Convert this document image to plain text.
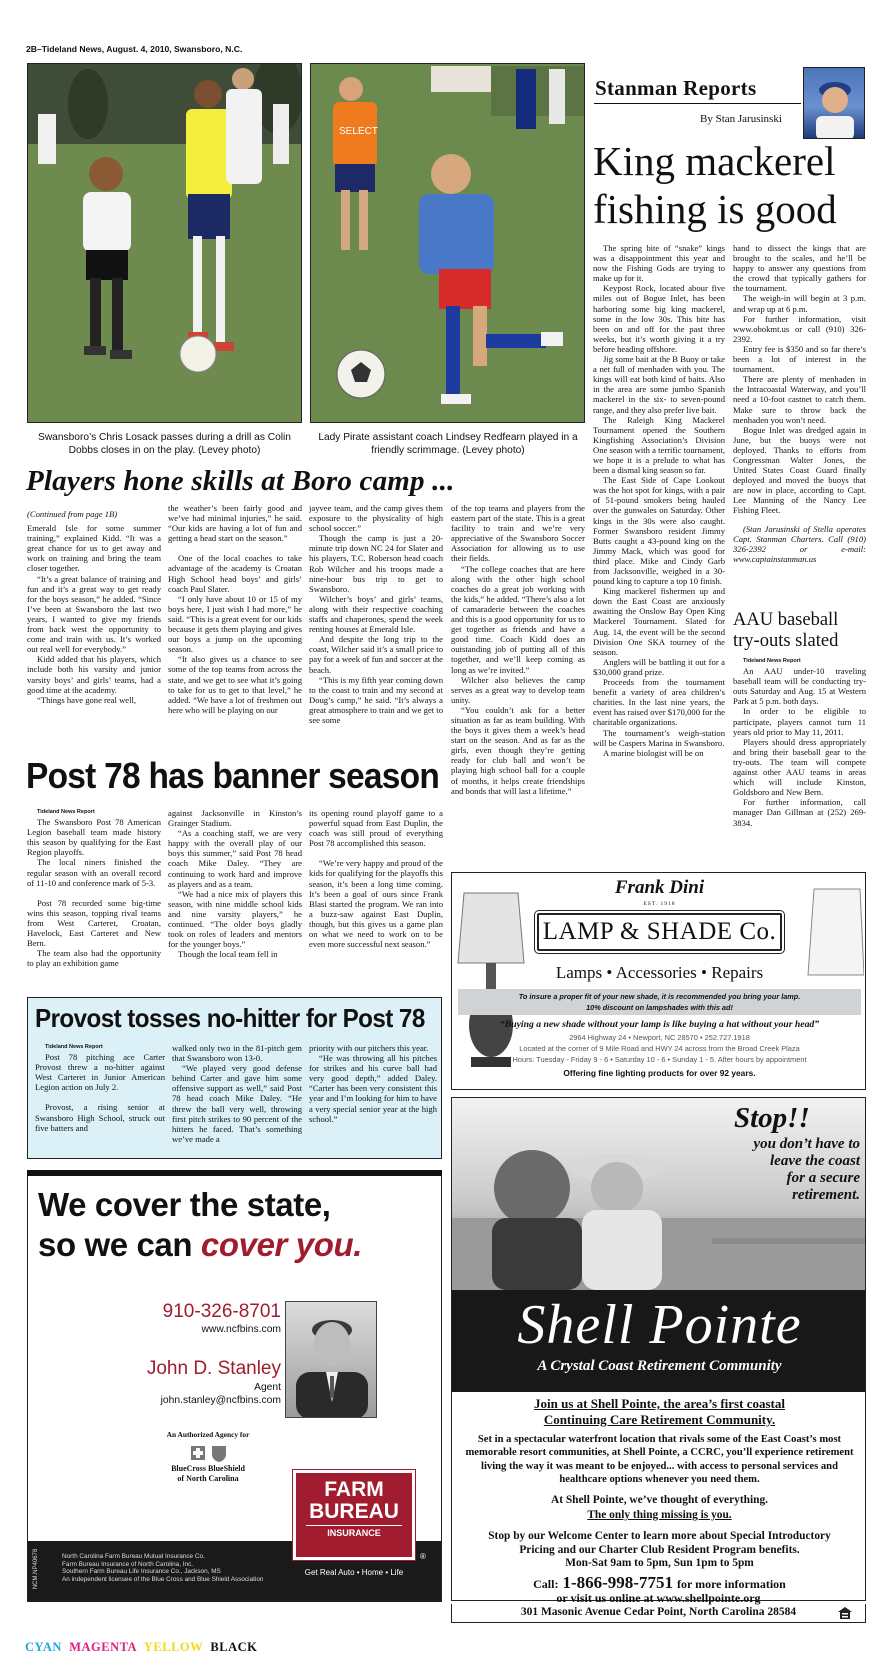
2B–Tideland News, August. 4, 2010, Swansboro, N.C.
SELECT
Swansboro’s Chris Losack passes during a drill as Colin Dobbs closes in on the play. (Levey photo)
Lady Pirate assistant coach Lindsey Redfearn played in a friendly scrimmage. (Levey photo)
Players hone skills at Boro camp ...

(Continued from page 1B)

Emerald Isle for some summer training,” explained Kidd. “It was a great chance for us to get away and work on training and bring the team closer together.

“It’s a great balance of training and fun and it’s a great way to get ready for the boys season,” he added. “Since I’ve been at Swansboro the last two years, I wanted to give my friends from back west the opportunity to come and train with us. It’s worked out real well for everybody.”

Kidd added that his players, which include both his varsity and junior varsity boys’ and girls’ teams, had a good time at the academy.

“Things have gone real well,

the weather’s been fairly good and we’ve had minimal injuries,” he said. “Our kids are having a lot of fun and getting a head start on the season.”

One of the local coaches to take advantage of the academy is Croatan High School head boys’ and girls’ coach Paul Slater.

“I only have about 10 or 15 of my boys here, I just wish I had more,” he said. “This is a great event for our kids because it gets them playing and gives our boys a jump on the upcoming season.

“It also gives us a chance to see some of the top teams from across the state, and we get to see what it’s going to take for us to get to that level,” he added. “We have a lot of freshmen out here who will be playing on our

jayvee team, and the camp gives them exposure to the physicality of high school soccer.”

Though the camp is just a 20-minute trip down NC 24 for Slater and his players, T.C. Roberson head coach Rob Wilcher and his troops made a nine-hour bus trip to get to Swansboro.

Wilcher’s boys’ and girls’ teams, along with their respective coaching staffs and chaperones, spend the week renting houses at Emerald Isle.

And despite the long trip to the coast, Wilcher said it’s a small price to pay for a week of fun and soccer at the beach.

“This is my fifth year coming down to the coast to train and my second at Doug’s camp,” he said. “It’s always a great atmosphere to train and we get to see some

of the top teams and players from the eastern part of the state. This is a great facility to train and we’re very appreciative of the Swansboro Soccer Association for allowing us to use their fields.

“The college coaches that are here along with the other high school coaches do a great job working with the kids,” he added. “There’s also a lot of camaraderie between the coaches and this is a good opportunity for us to get together as friends and have a good time. Coach Kidd does an outstanding job of putting all of this together, and we’ll keep coming as long as we’re invited.”

Wilcher also believes the camp serves as a great way to develop team unity.

“You couldn’t ask for a better situation as far as team building. With the boys it gives them a week’s head start on the season. And as far as the girls, even though they’re getting ready for club ball and won’t be playing high school ball for a couple of months, it helps create friendships and bonds that will last a lifetime.”

Stanman Reports
By Stan Jarusinski
King mackerel
fishing is good

The spring bite of “snake” kings was a disappointment this year and now the Fishing Gods are trying to make up for it.

Keypost Rock, located abour five miles out of Bogue Inlet, has been harboring some big king mackerel, some in the low 30s. This bite has been on and off for the past three weeks, but it’s worth giving it a try before heading offshore.

Jig some bait at the B Buoy or take a net full of menhaden with you. The kings will eat both kind of baits. Also in the area are some jumbo Spanish mackerel in the six- to seven-pound range, and they also prefer live bait.

The Raleigh King Mackerel Tournament opened the Southern Kingfishing Association’s Division One season with a terrific tournament, we hope it is a prelude to what has been a dismal king season so far.

The East Side of Cape Lookout was the hot spot for kings, with a pair of 51-pound smokers being hauled over the gunwales on Saturday. Other kings in the 30s were also caught. Former Swansboro resident Jimmy Butts caught a 43-pound king on the Jimmy Mack, which was good for third place. Mike and Cindy Garb from Jacksonville, weighed in a 30-pound king to capture a top 10 finish.

King mackerel fishermen up and down the East Coast are anxiously awaiting the Onslow Bay Open King Mackerel Tournament. Slated for Aug. 14, the event will be the second Division One SKA tourney of the season.

Anglers will be battling it out for a $30,000 grand prize.

Proceeds from the tournament benefit a variety of area children’s charities. In the last nine years, the event has raised over $170,000 for the charitable organizations.

The tournament’s weigh-station will be Caspers Marina in Swansboro.

A marine biologist will be on

hand to dissect the kings that are brought to the scales, and he’ll be happy to answer any questions from the crowd that typically gathers for the tournament.

The weigh-in will begin at 3 p.m. and wrap up at 6 p.m.

For further information, visit www.obokmt.us or call (910) 326-2392.

Entry fee is $350 and so far there’s been a lot of interest in the tournament.

There are plenty of menhaden in the Intracoastal Waterway, and you’ll need a 10-foot castnet to catch them. Make sure to throw back the menhaden you won’t need.

Bogue Inlet was dredged again in June, but the buoys were not deployed. Thanks to efforts from Congressman Walter Jones, the United States Coast Guard finally deployed and moved the buoys that are now in place, according to Capt. Lee Manning of the Nancy Lee Fishing Fleet.

(Stan Jarusinski of Stella operates Capt. Stanman Charters. Call (910) 326-2392 or e-mail: www.captainstanman.us

AAU baseball try-outs slated

Tideland News Report

An AAU under-10 traveling baseball team will be conducting try-outs Saturday and Aug. 15 at Western Park at 5 p.m. both days.

In order to be eligible to participate, players cannot turn 11 years old prior to May 11, 2011.

Players should dress appropriately and bring their baseball gear to the try-outs. The team will compete against other AAU teams in areas which will include Kinston, Goldsboro and New Bern.

For further information, call manager Dan Gillman at (252) 269-3834.

Post 78 has banner season

Tideland News Report

The Swansboro Post 78 American Legion baseball team made history this season by qualifying for the East Region playoffs.

The local niners finished the regular season with an overall record of 11-10 and conference mark of 5-3.

Post 78 recorded some big-time wins this season, topping rival teams from West Carteret, Croatan, Havelock, East Carteret and New Bern.

The team also had the opportunity to play an exhibition game

against Jacksonville in Kinston’s Grainger Stadium.

“As a coaching staff, we are very happy with the overall play of our boys this summer,” said Post 78 head coach Mike Daley. “They are continuing to work hard and improve as players and as a team.

“We had a nice mix of players this season, with nine middle school kids and nine varsity players,” he continued. “The older boys gladly took on roles of leaders and mentors for the younger boys.”

Though the local team fell in

its opening round playoff game to a powerful squad from East Duplin, the coach was still proud of everything Post 78 accomplished this season.

“We’re very happy and proud of the kids for qualifying for the playoffs this season, it’s been a long time coming. It’s been a goal of ours since Frank Blasi started the program. We ran into a buzz-saw against East Duplin, though, but this gives us a game plan on what we need to work on to be even more successful next season.”

Provost tosses no-hitter for Post 78

Tideland News Report

Post 78 pitching ace Carter Provost threw a no-hitter against West Carteret in Junior American Legion action on July 2.

Provost, a rising senior at Swansboro High School, struck out five batters and

walked only two in the 81-pitch gem that Swansboro won 13-0.

“We played very good defense behind Carter and gave him some offensive support as well,” said Post 78 head coach Mike Daley. “He threw the ball very well, throwing first pitch strikes to 90 percent of the hitters he faced. That’s something we’ve made a

priority with our pitchers this year.

“He was throwing all his pitches for strikes and his curve ball had very good depth,” added Daley. “Carter has been very consistent this year and I’m looking for him to have a very special senior year at the high school.”

Frank Dini
EST. 1918
LAMP & SHADE Co.
Lamps • Accessories • Repairs
To insure a proper fit of your new shade, it is recommended you bring your lamp.
10% discount on lampshades with this ad!
“Buying a new shade without your lamp is like buying a hat without your head”
2964 Highway 24 • Newport, NC 28570 • 252.727.1918
Located at the corner of 9 Mile Road and HWY 24 across from the Broad Creek Plaza
Hours: Tuesday - Friday 9 - 6 • Saturday 10 - 6 • Sunday 1 - 5. After hours by appointment
Offering fine lighting products for over 92 years.
Stop!!
you don’t have to
leave the coast
for a secure
retirement.
Shell Pointe
A Crystal Coast Retirement Community
Join us at Shell Pointe, the area’s first coastal
Continuing Care Retirement Community.
Set in a spectacular waterfront location that rivals some of the East Coast’s most memorable resort communities, at Shell Pointe, a CCRC, you’ll experience retirement living the way it was meant to be enjoyed... with access to personal services and healthcare options whenever you need them.
At Shell Pointe, we’ve thought of everything.
The only thing missing is you.
Stop by our Welcome Center to learn more about Special Introductory Pricing and our Charter Club Resident Program benefits.
Mon-Sat 9am to 5pm, Sun 1pm to 5pm
Call: 1-866-998-7751 for more information
or visit us online at www.shellpointe.org
301 Masonic Avenue Cedar Point, North Carolina 28584
We cover the state,
so we can cover you.
910-326-8701
www.ncfbins.com
John D. Stanley
Agent
john.stanley@ncfbins.com
An Authorized Agency for
BlueCross BlueShield
of North Carolina
NCM.NP40678	North Carolina Farm Bureau Mutual Insurance Co.
Farm Bureau Insurance of North Carolina, Inc.
Southern Farm Bureau Life Insurance Co., Jackson, MS
An independent licensee of the Blue Cross and Blue Shield Association
FARM
BUREAU
INSURANCE
®
Get Real Auto • Home • Life
CYAN MAGENTA YELLOW BLACK
